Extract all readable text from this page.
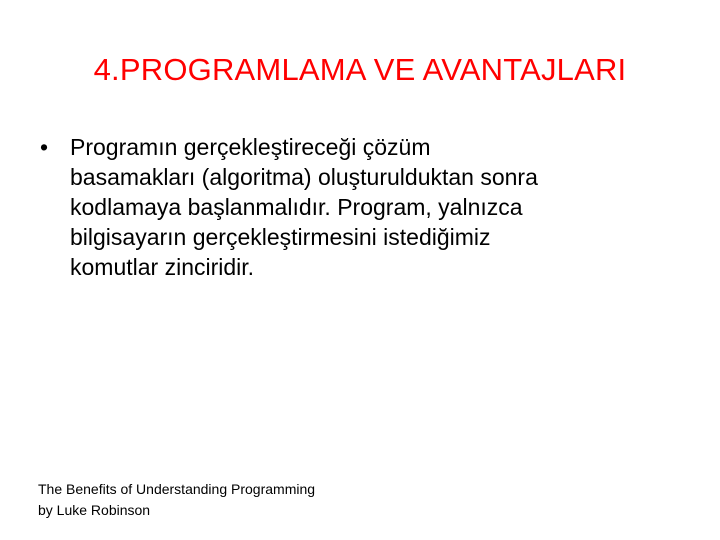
4.PROGRAMLAMA VE AVANTAJLARI
• Programın gerçekleştireceği çözüm
basamakları (algoritma) oluşturulduktan sonra
kodlamaya başlanmalıdır. Program, yalnızca
bilgisayarın gerçekleştirmesini istediğimiz
komutlar zinciridir.
The Benefits of Understanding Programming
by Luke Robinson
